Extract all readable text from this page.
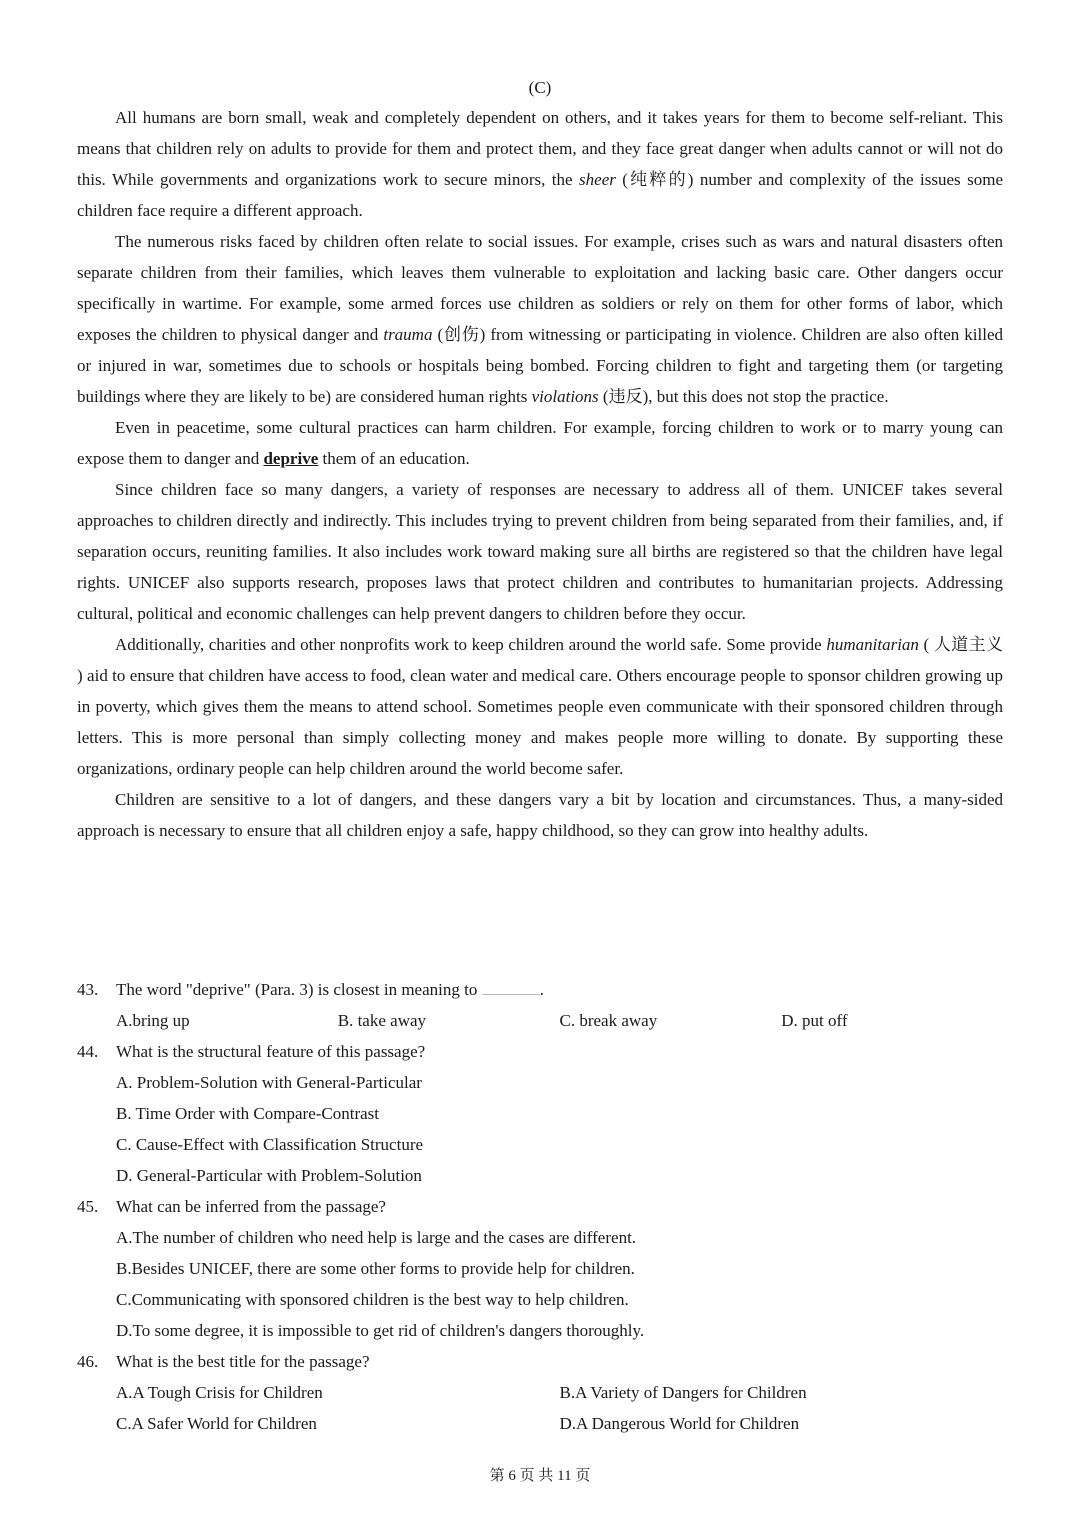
(C)

All humans are born small, weak and completely dependent on others, and it takes years for them to become self-reliant. This means that children rely on adults to provide for them and protect them, and they face great danger when adults cannot or will not do this. While governments and organizations work to secure minors, the sheer (纯粹的) number and complexity of the issues some children face require a different approach.

The numerous risks faced by children often relate to social issues. For example, crises such as wars and natural disasters often separate children from their families, which leaves them vulnerable to exploitation and lacking basic care. Other dangers occur specifically in wartime. For example, some armed forces use children as soldiers or rely on them for other forms of labor, which exposes the children to physical danger and trauma (创伤) from witnessing or participating in violence. Children are also often killed or injured in war, sometimes due to schools or hospitals being bombed. Forcing children to fight and targeting them (or targeting buildings where they are likely to be) are considered human rights violations (违反), but this does not stop the practice.

Even in peacetime, some cultural practices can harm children. For example, forcing children to work or to marry young can expose them to danger and deprive them of an education.

Since children face so many dangers, a variety of responses are necessary to address all of them. UNICEF takes several approaches to children directly and indirectly. This includes trying to prevent children from being separated from their families, and, if separation occurs, reuniting families. It also includes work toward making sure all births are registered so that the children have legal rights. UNICEF also supports research, proposes laws that protect children and contributes to humanitarian projects. Addressing cultural, political and economic challenges can help prevent dangers to children before they occur.

Additionally, charities and other nonprofits work to keep children around the world safe. Some provide humanitarian ( 人道主义 ) aid to ensure that children have access to food, clean water and medical care. Others encourage people to sponsor children growing up in poverty, which gives them the means to attend school. Sometimes people even communicate with their sponsored children through letters. This is more personal than simply collecting money and makes people more willing to donate. By supporting these organizations, ordinary people can help children around the world become safer.

Children are sensitive to a lot of dangers, and these dangers vary a bit by location and circumstances. Thus, a many-sided approach is necessary to ensure that all children enjoy a safe, happy childhood, so they can grow into healthy adults.

43.	The word "deprive" (Para. 3) is closest in meaning to	.
A.bring up	B. take away	C. break away	D. put off
44.	What is the structural feature of this passage?
A. Problem-Solution with General-Particular
B. Time Order with Compare-Contrast
C. Cause-Effect with Classification Structure
D. General-Particular with Problem-Solution
45.	What can be inferred from the passage?
A.The number of children who need help is large and the cases are different.
B.Besides UNICEF, there are some other forms to provide help for children.
C.Communicating with sponsored children is the best way to help children.
D.To some degree, it is impossible to get rid of children's dangers thoroughly.
46.	What is the best title for the passage?
A.A Tough Crisis for Children	B.A Variety of Dangers for Children
C.A Safer World for Children	D.A Dangerous World for Children
第 6 页 共 11 页
